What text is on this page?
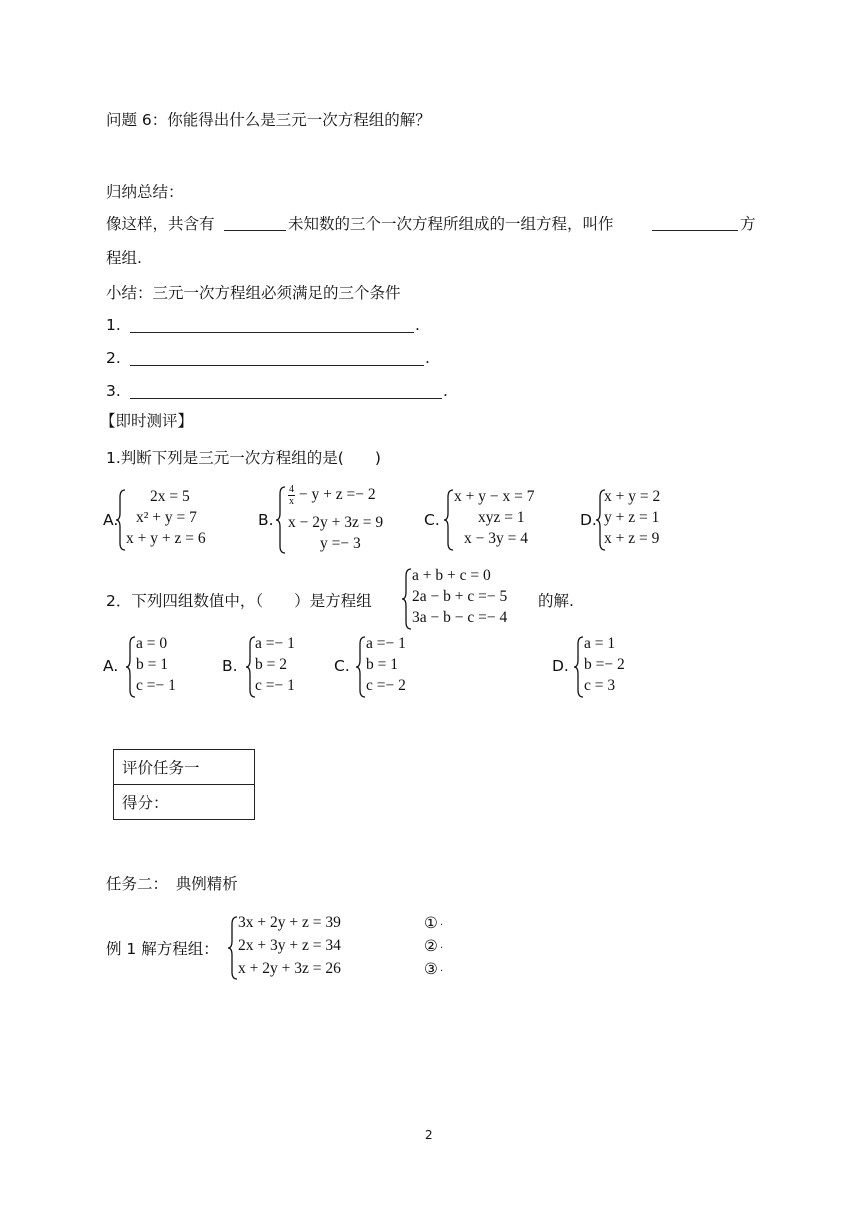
问题 6：你能得出什么是三元一次方程组的解？
归纳总结：
像这样，共含有	未知数的三个一次方程所组成的一组方程，叫作	方
程组.
小结：三元一次方程组必须满足的三个条件
1.	.
2.	.
3.	.
【即时测评】
1.判断下列是三元一次方程组的是(　　)
A.
2x = 5
x² + y = 7
x + y + z = 6
B.
$\frac{4}{x} - y + z =- 2$
x − 2y + 3z = 9
y =− 3
C.
x + y − x = 7
xyz = 1
x − 3y = 4
D.
x + y = 2
y + z = 1
x + z = 9
2．下列四组数值中，（　　）是方程组
a + b + c = 0
2a − b + c =− 5
3a − b − c =− 4
的解.
A.
a = 0
b = 1
c =− 1
B.
a =− 1
b = 2
c =− 1
C.
a =− 1
b = 1
c =− 2
D.
a = 1
b =− 2
c = 3
评价任务一
得分：
任务二：　典例精析
例 1 解方程组：
3x + 2y + z = 39
2x + 3y + z = 34
x + 2y + 3z = 26
①
②
③
·
·
·
2
